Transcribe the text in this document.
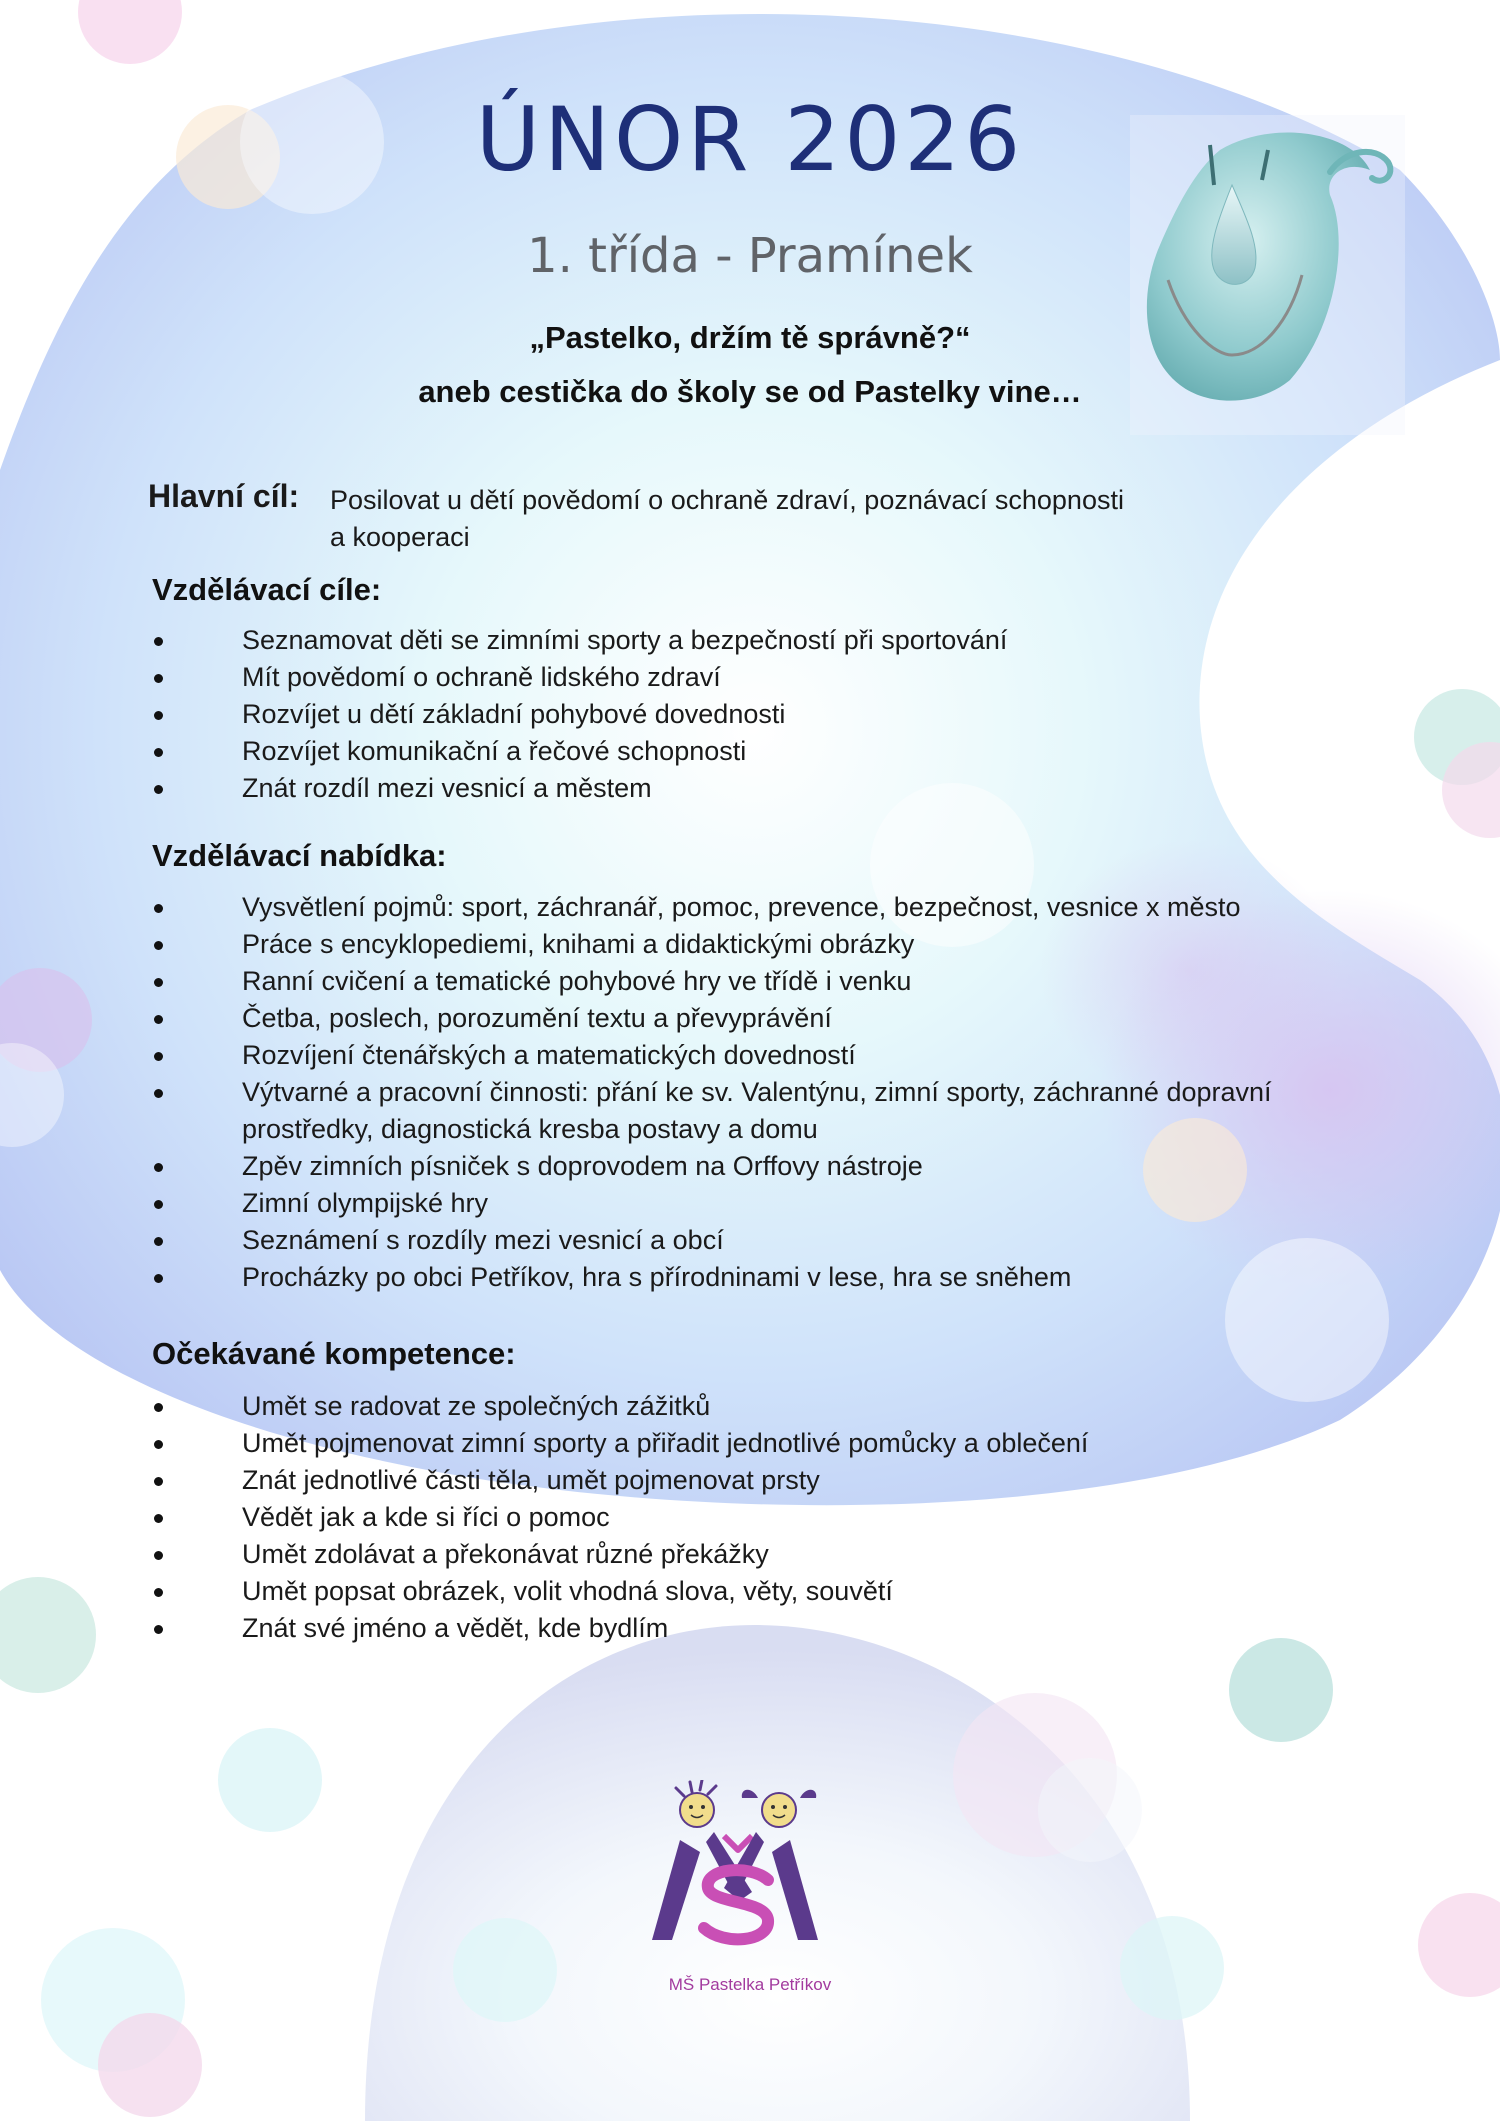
ÚNOR 2026
1. třída - Pramínek
„Pastelko, držím tě správně?“
aneb cestička do školy se od Pastelky vine…
Hlavní cíl: Posilovat u dětí povědomí o ochraně zdraví, poznávací schopnosti
a kooperaci
Vzdělávací cíle:
Seznamovat děti se zimními sporty a bezpečností při sportování
Mít povědomí o ochraně lidského zdraví
Rozvíjet u dětí základní pohybové dovednosti
Rozvíjet komunikační a řečové schopnosti
Znát rozdíl mezi vesnicí a městem
Vzdělávací nabídka:
Vysvětlení pojmů: sport, záchranář, pomoc, prevence, bezpečnost, vesnice x město
Práce s encyklopediemi, knihami a didaktickými obrázky
Ranní cvičení a tematické pohybové hry ve třídě i venku
Četba, poslech, porozumění textu a převyprávění
Rozvíjení čtenářských a matematických dovedností
Výtvarné a pracovní činnosti: přání ke sv. Valentýnu, zimní sporty, záchranné dopravní prostředky, diagnostická kresba postavy a domu
Zpěv zimních písniček s doprovodem na Orffovy nástroje
Zimní olympijské hry
Seznámení s rozdíly mezi vesnicí a obcí
Procházky po obci Petříkov, hra s přírodninami v lese, hra se sněhem
Očekávané kompetence:
Umět se radovat ze společných zážitků
Umět pojmenovat zimní sporty a přiřadit jednotlivé pomůcky a oblečení
Znát jednotlivé části těla, umět pojmenovat prsty
Vědět jak a kde si říci o pomoc
Umět zdolávat a překonávat různé překážky
Umět popsat obrázek, volit vhodná slova, věty, souvětí
Znát své jméno a vědět, kde bydlím
MŠ Pastelka Petříkov
